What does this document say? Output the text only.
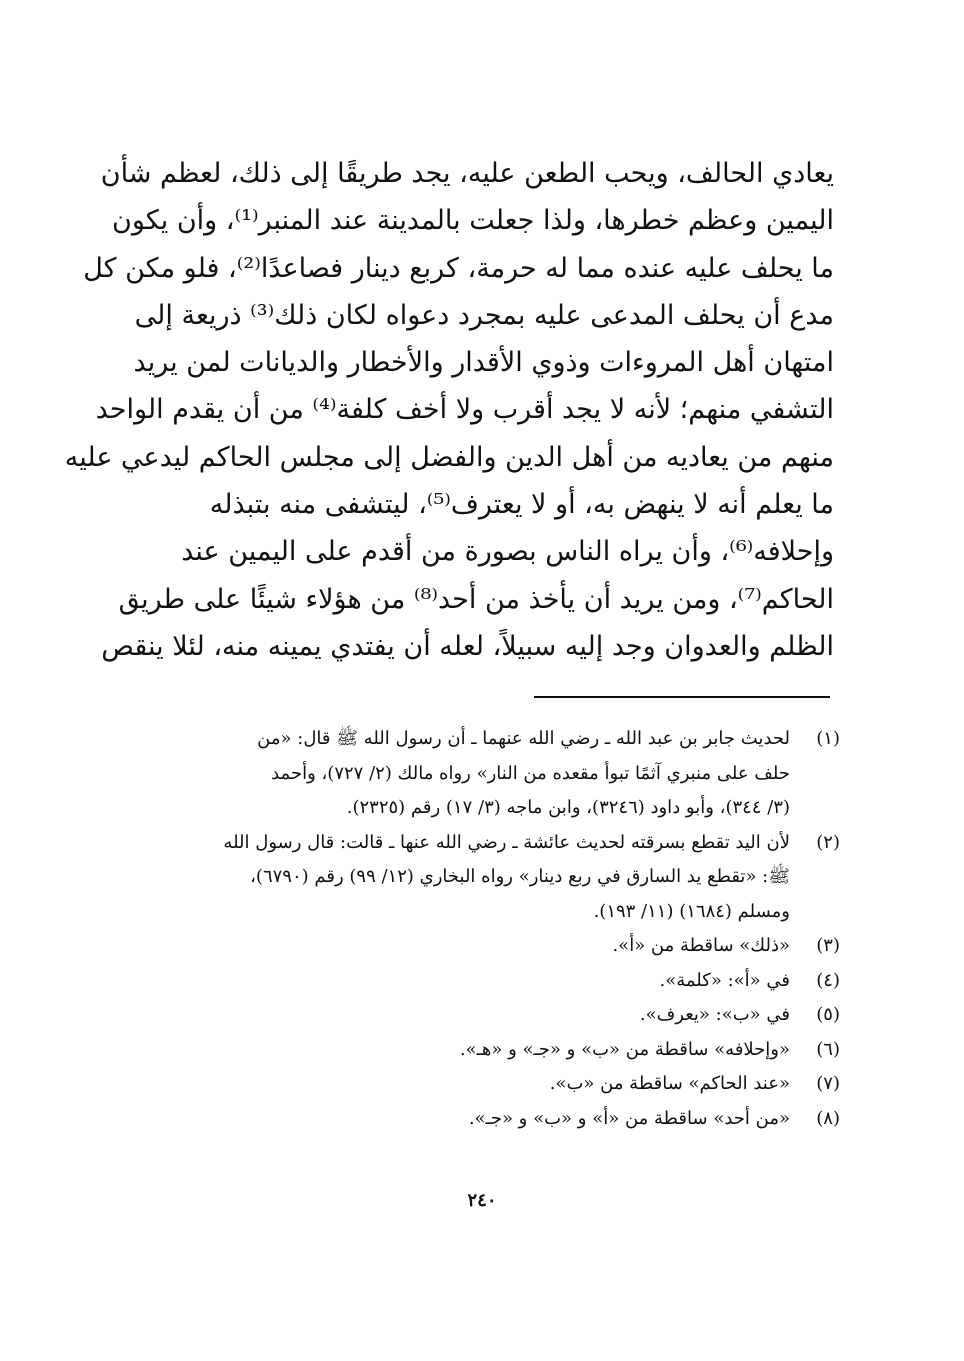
يعادي الحالف، ويحب الطعن عليه، يجد طريقًا إلى ذلك، لعظم شأن
اليمين وعظم خطرها، ولذا جعلت بالمدينة عند المنبر⁽¹⁾، وأن يكون
ما يحلف عليه عنده مما له حرمة، كربع دينار فصاعدًا⁽²⁾، فلو مكن كل
مدع أن يحلف المدعى عليه بمجرد دعواه لكان ذلك⁽³⁾ ذريعة إلى
امتهان أهل المروءات وذوي الأقدار والأخطار والديانات لمن يريد
التشفي منهم؛ لأنه لا يجد أقرب ولا أخف كلفة⁽⁴⁾ من أن يقدم الواحد
منهم من يعاديه من أهل الدين والفضل إلى مجلس الحاكم ليدعي عليه
ما يعلم أنه لا ينهض به، أو لا يعترف⁽⁵⁾، ليتشفى منه بتبذله
وإحلافه⁽⁶⁾، وأن يراه الناس بصورة من أقدم على اليمين عند
الحاكم⁽⁷⁾، ومن يريد أن يأخذ من أحد⁽⁸⁾ من هؤلاء شيئًا على طريق
الظلم والعدوان وجد إليه سبيلاً، لعله أن يفتدي يمينه منه، لئلا ينقص
(١)
لحديث جابر بن عبد الله ـ رضي الله عنهما ـ أن رسول الله ﷺ قال: «من
حلف على منبري آثمًا تبوأ مقعده من النار» رواه مالك (٢/ ٧٢٧)، وأحمد
(٣/ ٣٤٤)، وأبو داود (٣٢٤٦)، وابن ماجه (٣/ ١٧) رقم (٢٣٢٥).
(٢)
لأن اليد تقطع بسرقته لحديث عائشة ـ رضي الله عنها ـ قالت: قال رسول الله
ﷺ: «تقطع يد السارق في ربع دينار» رواه البخاري (١٢/ ٩٩) رقم (٦٧٩٠)،
ومسلم (١٦٨٤) (١١/ ١٩٣).
(٣)
«ذلك» ساقطة من «أ».
(٤)
في «أ»: «كلمة».
(٥)
في «ب»: «يعرف».
(٦)
«وإحلافه» ساقطة من «ب» و «جـ» و «هـ».
(٧)
«عند الحاكم» ساقطة من «ب».
(٨)
«من أحد» ساقطة من «أ» و «ب» و «جـ».
٢٤٠
